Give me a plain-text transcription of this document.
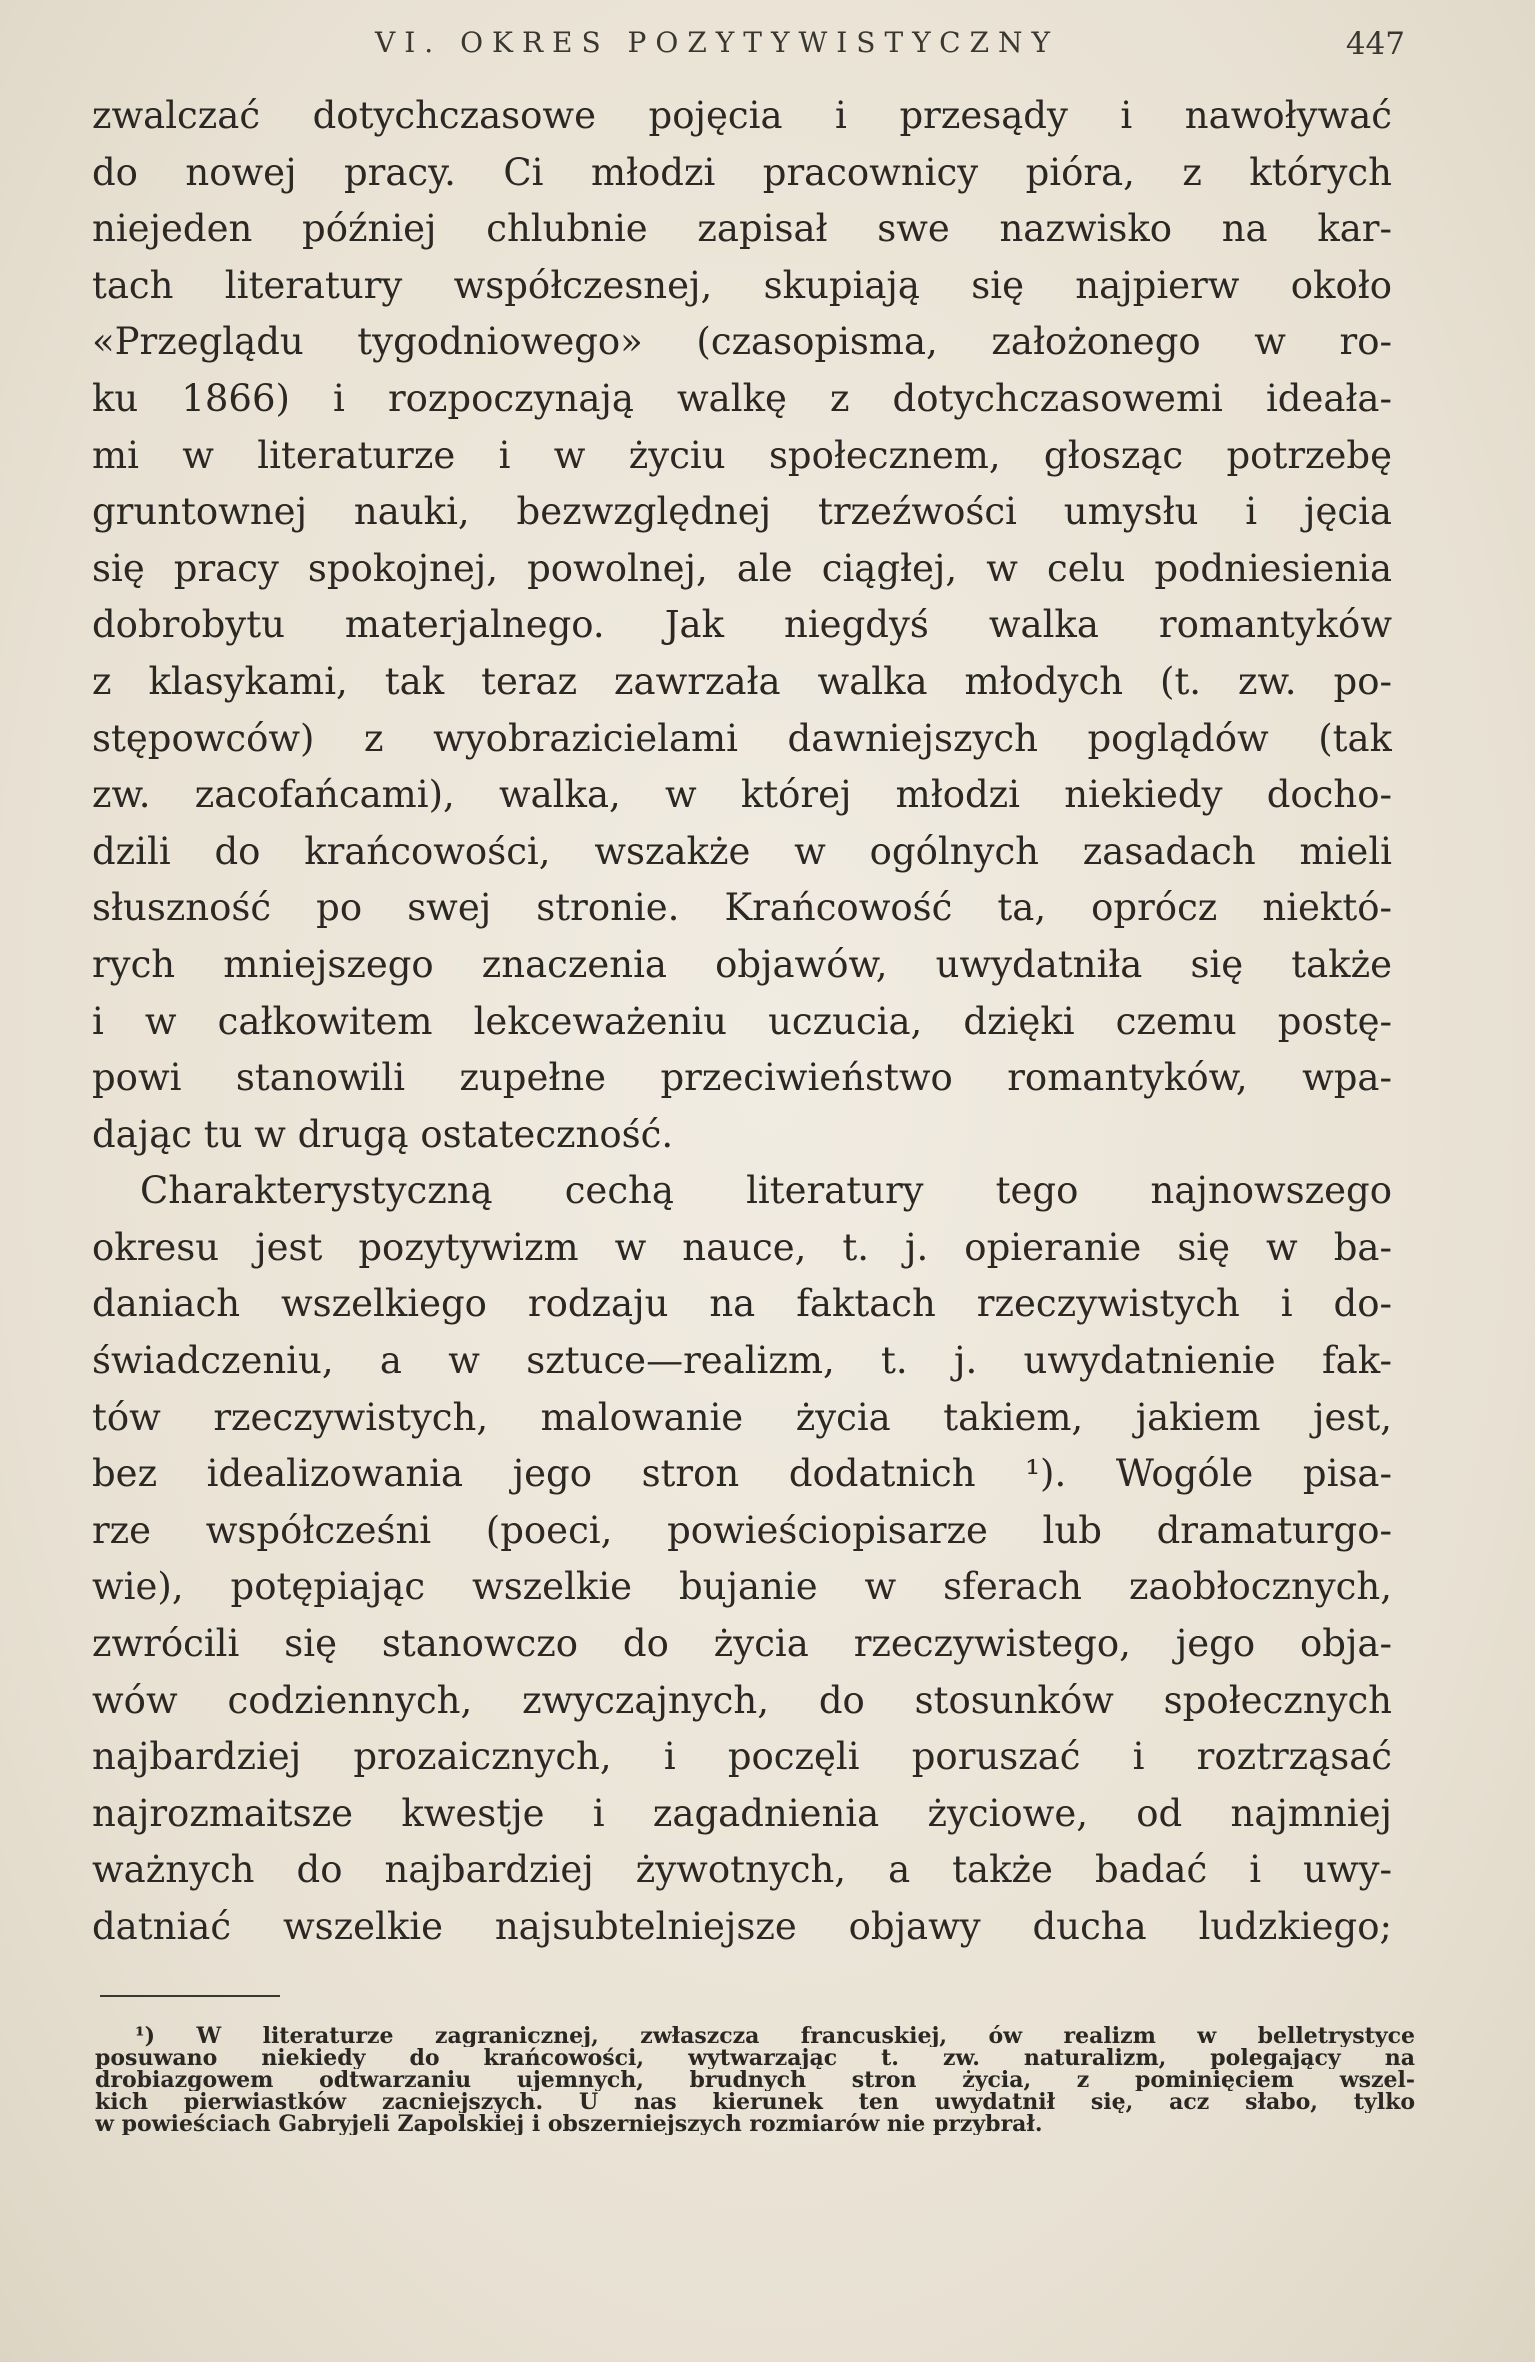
VI. OKRES POZYTYWISTYCZNY	447
zwalczać dotychczasowe pojęcia i przesądy i nawoływać
do nowej pracy. Ci młodzi pracownicy pióra, z których
niejeden później chlubnie zapisał swe nazwisko na kar-
tach literatury współczesnej, skupiają się najpierw około
«Przeglądu tygodniowego» (czasopisma, założonego w ro-
ku 1866) i rozpoczynają walkę z dotychczasowemi ideała-
mi w literaturze i w życiu społecznem, głosząc potrzebę
gruntownej nauki, bezwzględnej trzeźwości umysłu i jęcia
się pracy spokojnej, powolnej, ale ciągłej, w celu podniesienia
dobrobytu materjalnego. Jak niegdyś walka romantyków
z klasykami, tak teraz zawrzała walka młodych (t. zw. po-
stępowców) z wyobrazicielami dawniejszych poglądów (tak
zw. zacofańcami), walka, w której młodzi niekiedy docho-
dzili do krańcowości, wszakże w ogólnych zasadach mieli
słuszność po swej stronie. Krańcowość ta, oprócz niektó-
rych mniejszego znaczenia objawów, uwydatniła się także
i w całkowitem lekceważeniu uczucia, dzięki czemu postę-
powi stanowili zupełne przeciwieństwo romantyków, wpa-
dając tu w drugą ostateczność.
Charakterystyczną cechą literatury tego najnowszego
okresu jest pozytywizm w nauce, t. j. opieranie się w ba-
daniach wszelkiego rodzaju na faktach rzeczywistych i do-
świadczeniu, a w sztuce—realizm, t. j. uwydatnienie fak-
tów rzeczywistych, malowanie życia takiem, jakiem jest,
bez idealizowania jego stron dodatnich ¹). Wogóle pisa-
rze współcześni (poeci, powieściopisarze lub dramaturgo-
wie), potępiając wszelkie bujanie w sferach zaobłocznych,
zwrócili się stanowczo do życia rzeczywistego, jego obja-
wów codziennych, zwyczajnych, do stosunków społecznych
najbardziej prozaicznych, i poczęli poruszać i roztrząsać
najrozmaitsze kwestje i zagadnienia życiowe, od najmniej
ważnych do najbardziej żywotnych, a także badać i uwy-
datniać wszelkie najsubtelniejsze objawy ducha ludzkiego;
¹) W literaturze zagranicznej, zwłaszcza francuskiej, ów realizm w belletrystyce
posuwano niekiedy do krańcowości, wytwarzając t. zw. naturalizm, polegający na
drobiazgowem odtwarzaniu ujemnych, brudnych stron życia, z pominięciem wszel-
kich pierwiastków zacniejszych. U nas kierunek ten uwydatnił się, acz słabo, tylko
w powieściach Gabryjeli Zapolskiej i obszerniejszych rozmiarów nie przybrał.
